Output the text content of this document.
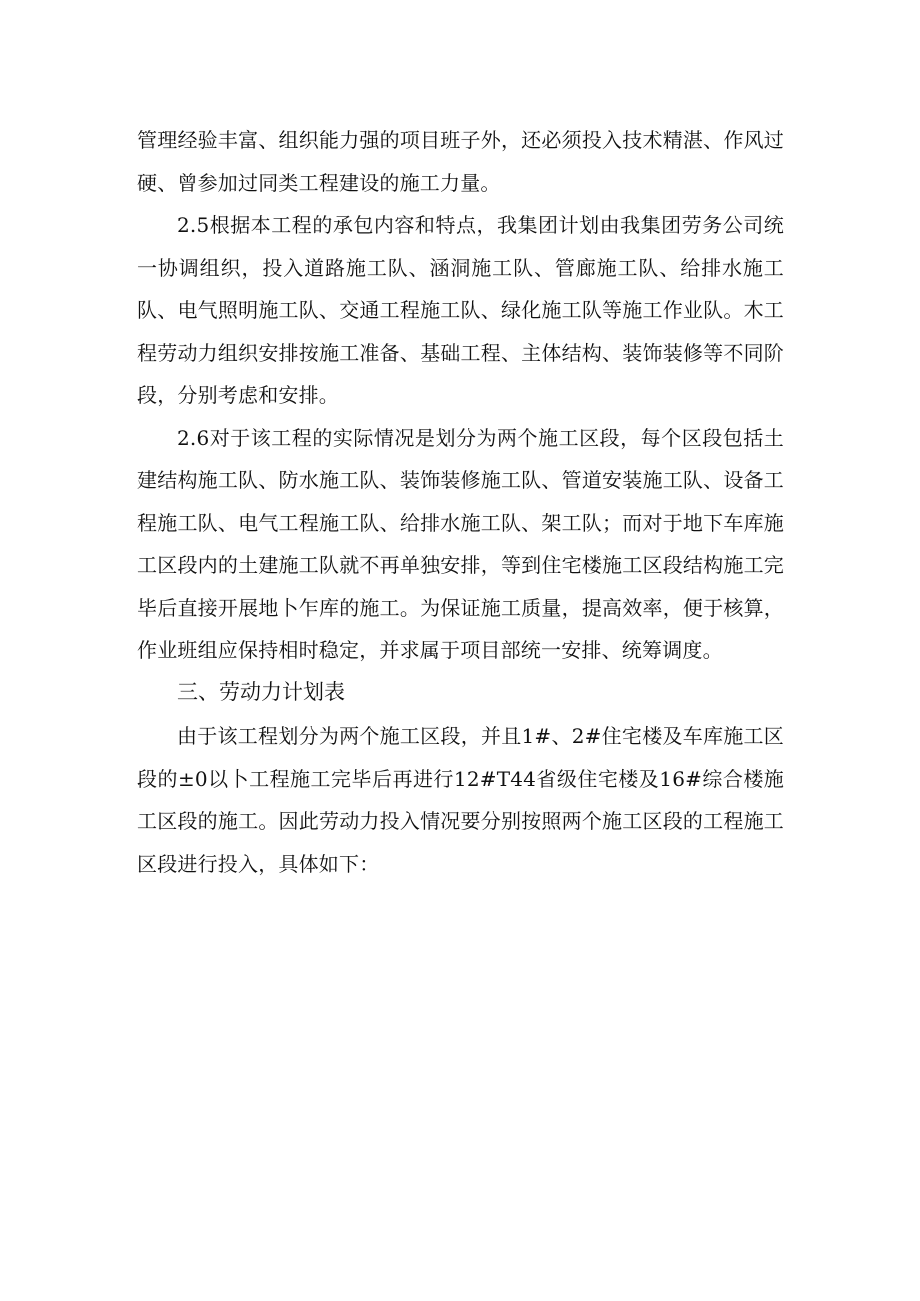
管理经验丰富、组织能力强的项目班子外，还必须投入技术精湛、作风过硬、曾参加过同类工程建设的施工力量。

2.5根据本工程的承包内容和特点，我集团计划由我集团劳务公司统一协调组织，投入道路施工队、涵洞施工队、管廊施工队、给排水施工队、电气照明施工队、交通工程施工队、绿化施工队等施工作业队。木工程劳动力组织安排按施工准备、基础工程、主体结构、装饰装修等不同阶段，分别考虑和安排。

2.6对于该工程的实际情况是划分为两个施工区段，每个区段包括土建结构施工队、防水施工队、装饰装修施工队、管道安装施工队、设备工程施工队、电气工程施工队、给排水施工队、架工队；而对于地下车库施工区段内的土建施工队就不再单独安排，等到住宅楼施工区段结构施工完毕后直接开展地卜乍库的施工。为保证施工质量，提高效率，便于核算，作业班组应保持相时稳定，并求属于项目部统一安排、统筹调度。

三、劳动力计划表

由于该工程划分为两个施工区段，并且1#、2#住宅楼及车库施工区段的±0以卜工程施工完毕后再进行12#T44省级住宅楼及16#综合楼施工区段的施工。因此劳动力投入情况要分别按照两个施工区段的工程施工区段进行投入，具体如下：
